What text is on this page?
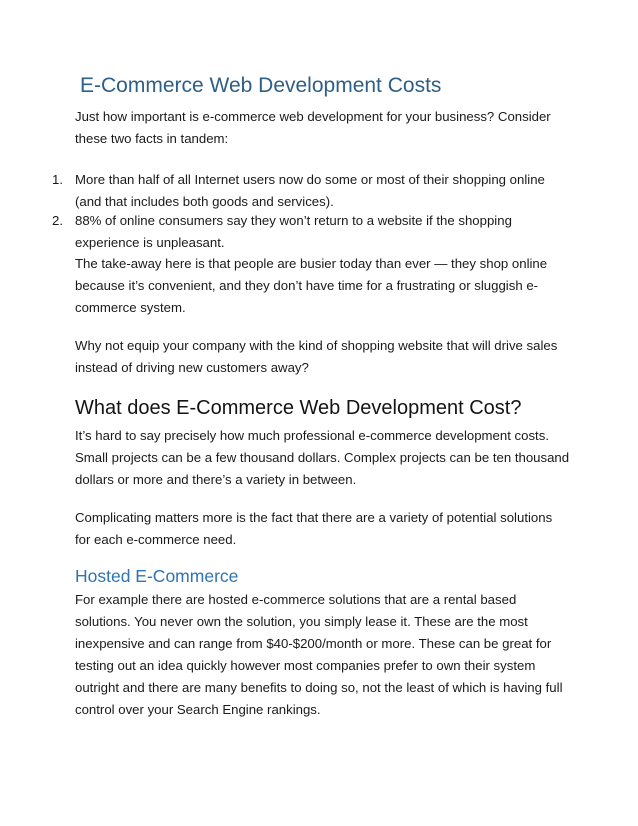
E-Commerce Web Development Costs
Just how important is e-commerce web development for your business? Consider
these two facts in tandem:
1. More than half of all Internet users now do some or most of their shopping online
(and that includes both goods and services).
2. 88% of online consumers say they won’t return to a website if the shopping
experience is unpleasant.
The take-away here is that people are busier today than ever — they shop online
because it’s convenient, and they don’t have time for a frustrating or sluggish e-
commerce system.
Why not equip your company with the kind of shopping website that will drive sales
instead of driving new customers away?
What does E-Commerce Web Development Cost?
It’s hard to say precisely how much professional e-commerce development costs.
Small projects can be a few thousand dollars. Complex projects can be ten thousand
dollars or more and there’s a variety in between.
Complicating matters more is the fact that there are a variety of potential solutions
for each e-commerce need.
Hosted E-Commerce
For example there are hosted e-commerce solutions that are a rental based
solutions. You never own the solution, you simply lease it. These are the most
inexpensive and can range from $40-$200/month or more. These can be great for
testing out an idea quickly however most companies prefer to own their system
outright and there are many benefits to doing so, not the least of which is having full
control over your Search Engine rankings.
